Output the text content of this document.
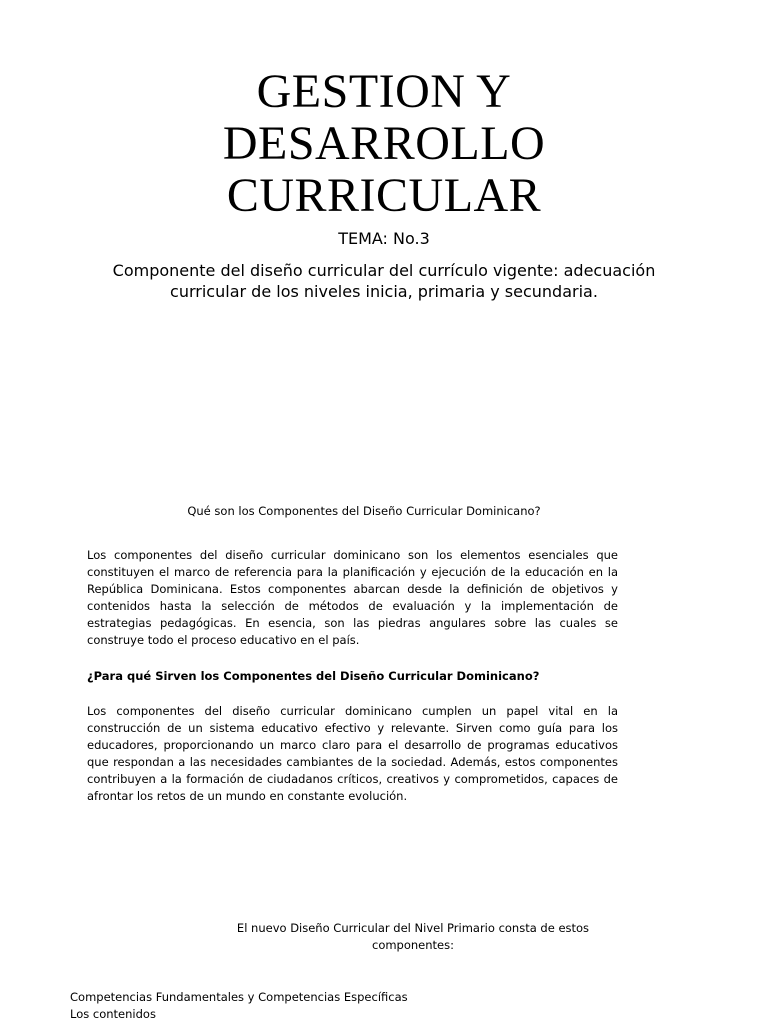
GESTION Y
DESARROLLO
CURRICULAR
TEMA: No.3
Componente del diseño curricular del currículo vigente: adecuación curricular de los niveles inicia, primaria y secundaria.
Qué son los Componentes del Diseño Curricular Dominicano?

Los componentes del diseño curricular dominicano son los elementos esenciales que constituyen el marco de referencia para la planificación y ejecución de la educación en la República Dominicana. Estos componentes abarcan desde la definición de objetivos y contenidos hasta la selección de métodos de evaluación y la implementación de estrategias pedagógicas. En esencia, son las piedras angulares sobre las cuales se construye todo el proceso educativo en el país.

¿Para qué Sirven los Componentes del Diseño Curricular Dominicano?

Los componentes del diseño curricular dominicano cumplen un papel vital en la construcción de un sistema educativo efectivo y relevante. Sirven como guía para los educadores, proporcionando un marco claro para el desarrollo de programas educativos que respondan a las necesidades cambiantes de la sociedad. Además, estos componentes contribuyen a la formación de ciudadanos críticos, creativos y comprometidos, capaces de afrontar los retos de un mundo en constante evolución.

El nuevo Diseño Curricular del Nivel Primario consta de estos componentes:
Competencias Fundamentales y Competencias Específicas
Los contenidos
